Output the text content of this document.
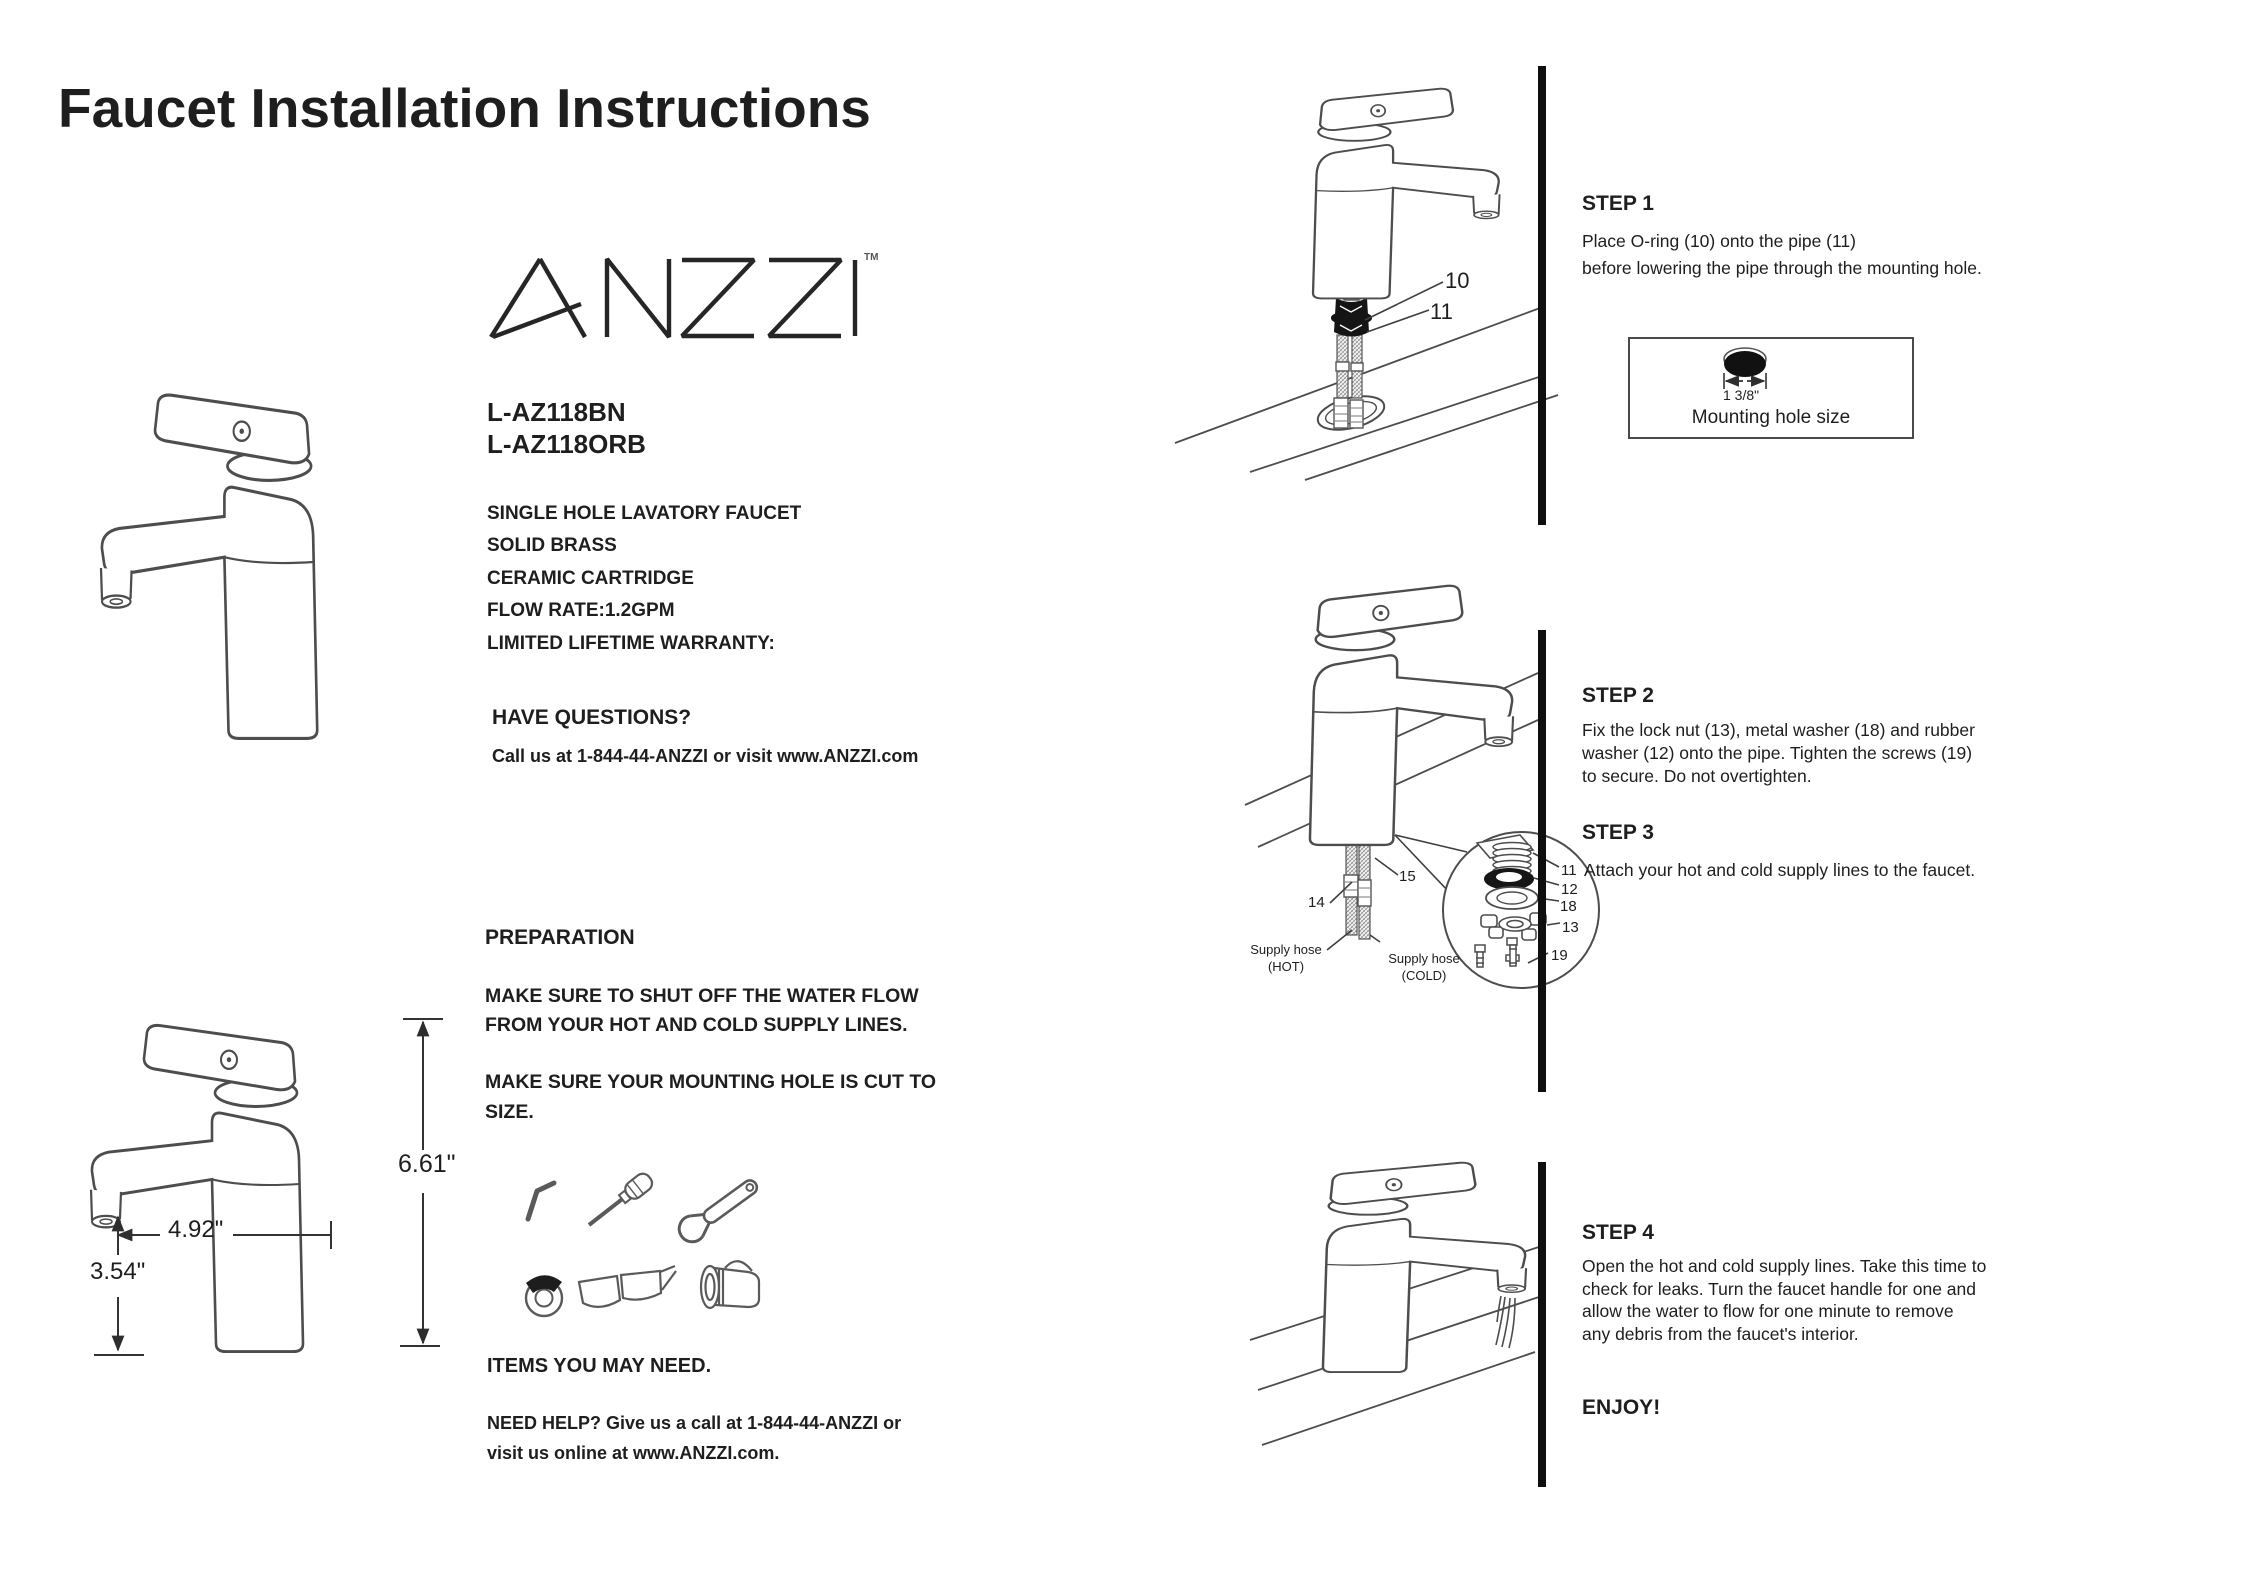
Faucet Installation Instructions
TM
L-AZ118BN
L-AZ118ORB
SINGLE HOLE LAVATORY FAUCET
SOLID BRASS
CERAMIC CARTRIDGE
FLOW RATE:1.2GPM
LIMITED LIFETIME WARRANTY:
HAVE QUESTIONS?
Call us at 1-844-44-ANZZI or visit www.ANZZI.com
PREPARATION
MAKE SURE TO SHUT OFF THE WATER FLOW
FROM YOUR HOT AND COLD SUPPLY LINES.
MAKE SURE YOUR MOUNTING HOLE IS CUT TO
SIZE.
6.61"
4.92"
3.54"
ITEMS YOU MAY NEED.
NEED HELP? Give us a call at 1-844-44-ANZZI or
visit us online at www.ANZZI.com.
10
11
STEP 1
Place O-ring (10) onto the pipe (11)
before lowering the pipe through the mounting hole.
1 3/8"
Mounting hole size
14
15	11
12
18
13
19
Supply hose
(HOT)
Supply hose
(COLD)
STEP 2
Fix the lock nut (13), metal washer (18) and rubber
washer (12) onto the pipe. Tighten the screws (19)
to secure. Do not overtighten.
STEP 3
Attach your hot and cold supply lines to the faucet.
STEP 4
Open the hot and cold supply lines. Take this time to
check for leaks. Turn the faucet handle for one and
allow the water to flow for one minute to remove
any debris from the faucet's interior.
ENJOY!
